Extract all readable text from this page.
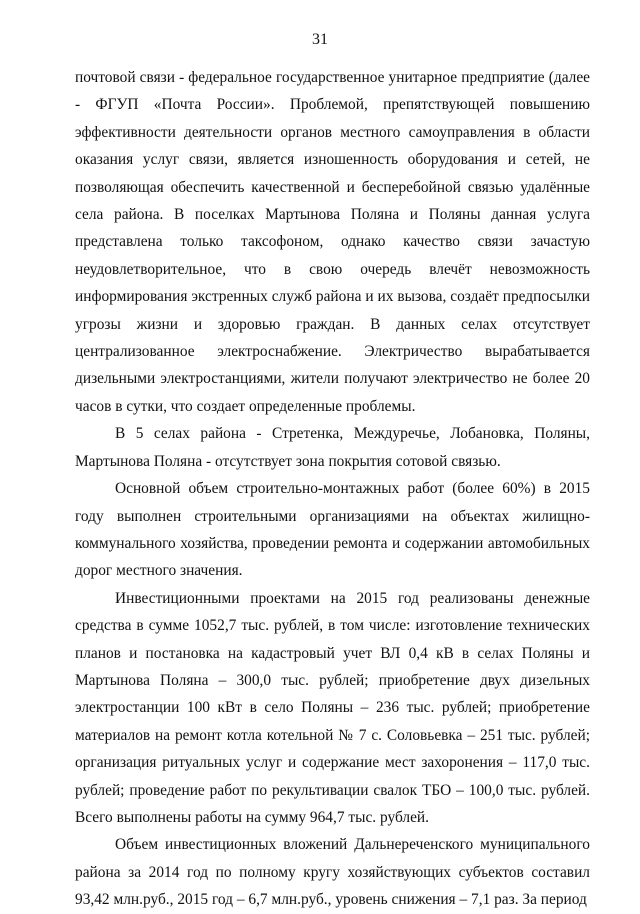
31

почтовой связи - федеральное государственное унитарное предприятие (далее - ФГУП «Почта России». Проблемой, препятствующей повышению эффективности деятельности органов местного самоуправления в области оказания услуг связи, является изношенность оборудования и сетей, не позволяющая обеспечить качественной и бесперебойной связью удалённые села района. В поселках Мартынова Поляна и Поляны данная услуга представлена только таксофоном, однако качество связи зачастую неудовлетворительное, что в свою очередь влечёт невозможность информирования экстренных служб района и их вызова, создаёт предпосылки угрозы жизни и здоровью граждан. В данных селах отсутствует централизованное электроснабжение. Электричество вырабатывается дизельными электростанциями, жители получают электричество не более 20 часов в сутки, что создает определенные проблемы.

В 5 селах района - Стретенка, Междуречье, Лобановка, Поляны, Мартынова Поляна - отсутствует зона покрытия сотовой связью.

Основной объем строительно-монтажных работ (более 60%) в 2015 году выполнен строительными организациями на объектах жилищно-коммунального хозяйства, проведении ремонта и содержании автомобильных дорог местного значения.

Инвестиционными проектами на 2015 год реализованы денежные средства в сумме 1052,7 тыс. рублей, в том числе: изготовление технических планов и постановка на кадастровый учет ВЛ 0,4 кВ в селах Поляны и Мартынова Поляна – 300,0 тыс. рублей; приобретение двух дизельных электростанции 100 кВт в село Поляны – 236 тыс. рублей; приобретение материалов на ремонт котла котельной № 7 с. Соловьевка – 251 тыс. рублей; организация ритуальных услуг и содержание мест захоронения – 117,0 тыс. рублей; проведение работ по рекультивации свалок ТБО – 100,0 тыс. рублей. Всего выполнены работы на сумму 964,7 тыс. рублей.

Объем инвестиционных вложений Дальнереченского муниципального района за 2014 год по полному кругу хозяйствующих субъектов составил 93,42 млн.руб., 2015 год – 6,7 млн.руб., уровень снижения – 7,1 раз. За период
